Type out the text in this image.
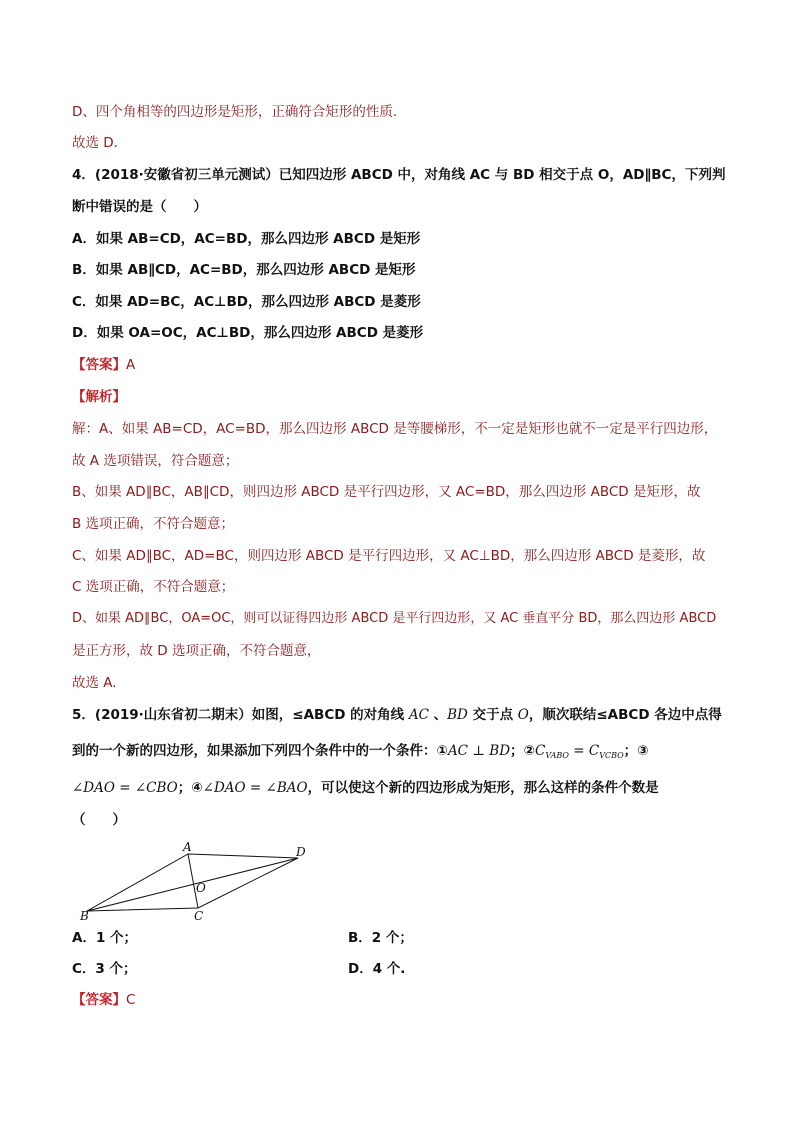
D、四个角相等的四边形是矩形，正确符合矩形的性质.
故选 D.
4．(2018·安徽省初三单元测试）已知四边形 ABCD 中，对角线 AC 与 BD 相交于点 O，AD∥BC，下列判
断中错误的是（　　）
A．如果 AB=CD，AC=BD，那么四边形 ABCD 是矩形
B．如果 AB∥CD，AC=BD，那么四边形 ABCD 是矩形
C．如果 AD=BC，AC⊥BD，那么四边形 ABCD 是菱形
D．如果 OA=OC，AC⊥BD，那么四边形 ABCD 是菱形
【答案】A
【解析】
解：A、如果 AB=CD，AC=BD，那么四边形 ABCD 是等腰梯形，不一定是矩形也就不一定是平行四边形，
故 A 选项错误，符合题意；
B、如果 AD∥BC，AB∥CD，则四边形 ABCD 是平行四边形，又 AC=BD，那么四边形 ABCD 是矩形，故
B 选项正确，不符合题意；
C、如果 AD∥BC，AD=BC，则四边形 ABCD 是平行四边形，又 AC⊥BD，那么四边形 ABCD 是菱形，故
C 选项正确，不符合题意；
D、如果 AD∥BC，OA=OC，则可以证得四边形 ABCD 是平行四边形，又 AC 垂直平分 BD，那么四边形 ABCD
是正方形，故 D 选项正确，不符合题意，
故选 A.
5．(2019·山东省初二期末）如图，≤ABCD 的对角线 AC 、BD 交于点 O，顺次联结≤ABCD 各边中点得
到的一个新的四边形，如果添加下列四个条件中的一个条件：①AC ⊥ BD；$②C_{VABO} = C_{VCBO}$；③
∠DAO = ∠CBO；④∠DAO = ∠BAO，可以使这个新的四边形成为矩形，那么这样的条件个数是
（　　）
A	D
O
B	C
A．1 个；	B．2 个；
C．3 个；	D．4 个.
【答案】C
